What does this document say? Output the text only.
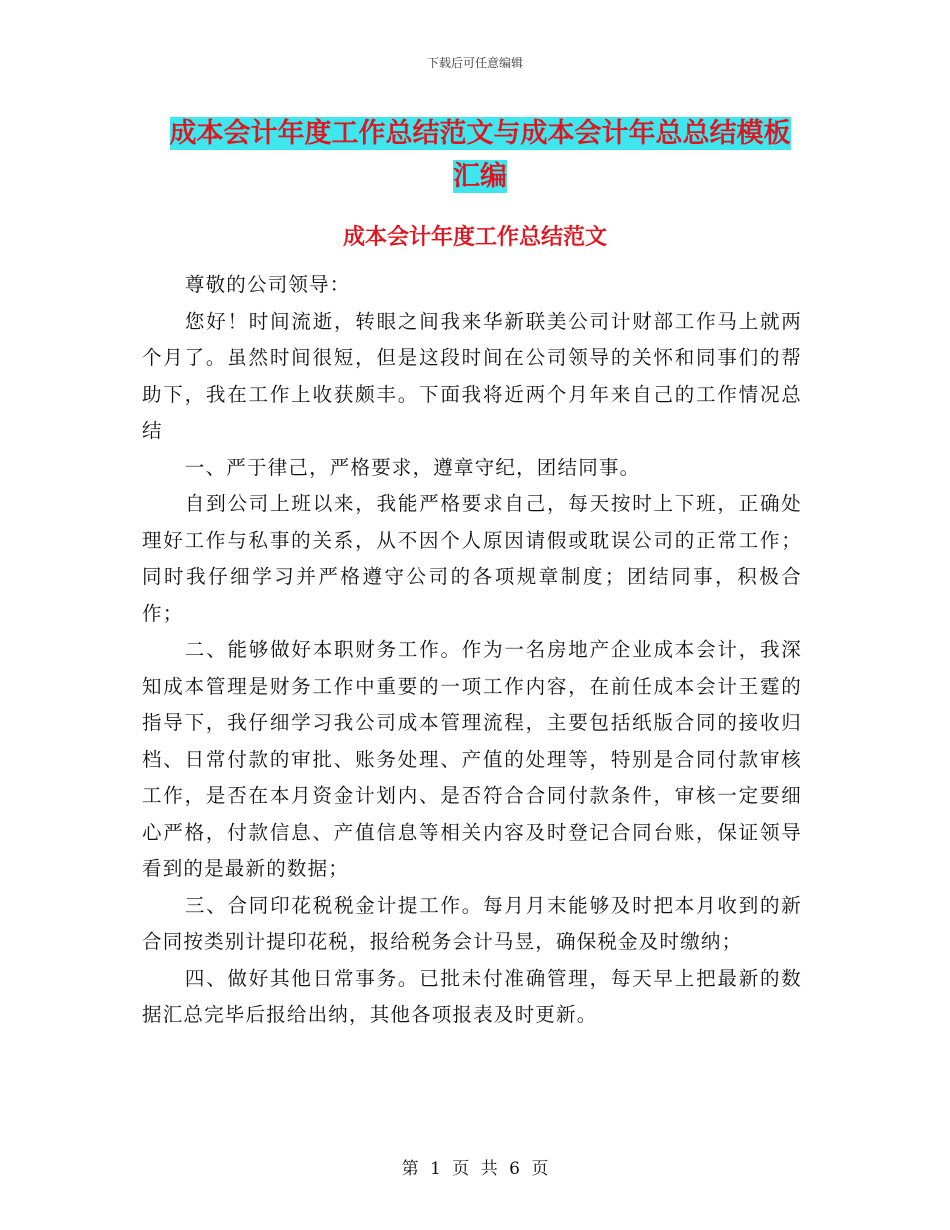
下载后可任意编辑
成本会计年度工作总结范文与成本会计年总总结模板
汇编
成本会计年度工作总结范文

尊敬的公司领导：

您好！时间流逝，转眼之间我来华新联美公司计财部工作马上就两个月了。虽然时间很短，但是这段时间在公司领导的关怀和同事们的帮助下，我在工作上收获颇丰。下面我将近两个月年来自己的工作情况总结

一、严于律己，严格要求，遵章守纪，团结同事。

自到公司上班以来，我能严格要求自己，每天按时上下班，正确处理好工作与私事的关系，从不因个人原因请假或耽误公司的正常工作；同时我仔细学习并严格遵守公司的各项规章制度；团结同事，积极合作；

二、能够做好本职财务工作。作为一名房地产企业成本会计，我深知成本管理是财务工作中重要的一项工作内容，在前任成本会计王霆的指导下，我仔细学习我公司成本管理流程，主要包括纸版合同的接收归档、日常付款的审批、账务处理、产值的处理等，特别是合同付款审核工作，是否在本月资金计划内、是否符合合同付款条件，审核一定要细心严格，付款信息、产值信息等相关内容及时登记合同台账，保证领导看到的是最新的数据；

三、合同印花税税金计提工作。每月月末能够及时把本月收到的新合同按类别计提印花税，报给税务会计马昱，确保税金及时缴纳；

四、做好其他日常事务。已批未付准确管理，每天早上把最新的数据汇总完毕后报给出纳，其他各项报表及时更新。

第 1 页 共 6 页
